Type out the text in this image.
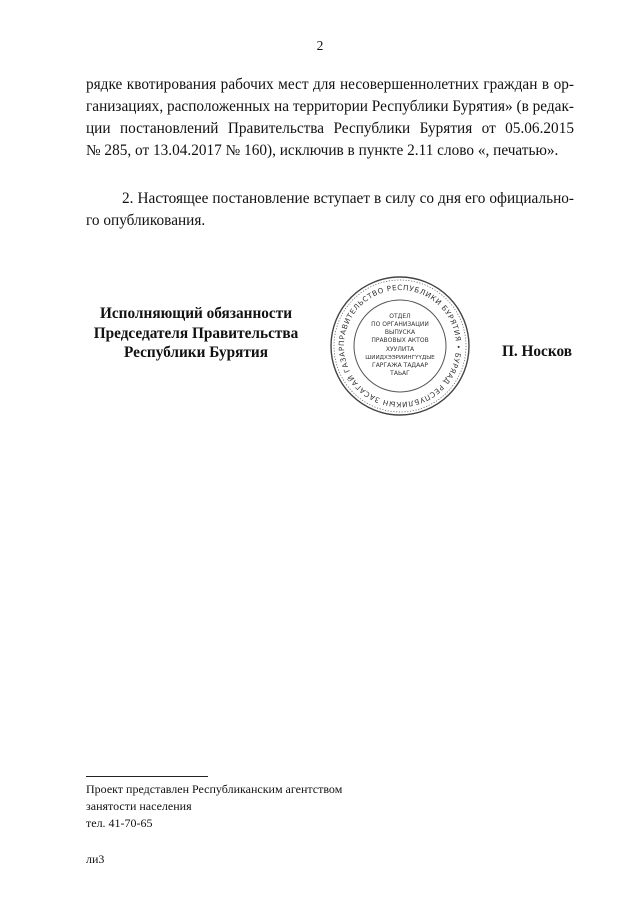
2
рядке квотирования рабочих мест для несовершеннолетних граждан в ор-
ганизациях, расположенных на территории Республики Бурятия» (в редак-
ции постановлений Правительства Республики Бурятия от 05.06.2015
№ 285, от 13.04.2017 № 160), исключив в пункте 2.11 слово «, печатью».
2. Настоящее постановление вступает в силу со дня его официально-
го опубликования.
Исполняющий обязанности
Председателя Правительства
Республики Бурятия
ПРАВИТЕЛЬСТВО РЕСПУБЛИКИ БУРЯТИЯ • БУРЯАД РЕСПУБЛИКЫН ЗАСАГАЙ ГАЗАР
ОТДЕЛ
ПО ОРГАНИЗАЦИИ
ВЫПУСКА
ПРАВОВЫХ АКТОВ
ХУУЛИТА
ШИИДХЭЭРИИНГҮҮДЫЕ
ГАРГАЖА ТАДААР
ТАЬАГ
П. Носков
Проект представлен Республиканским агентством
занятости населения
тел. 41-70-65
ли3
